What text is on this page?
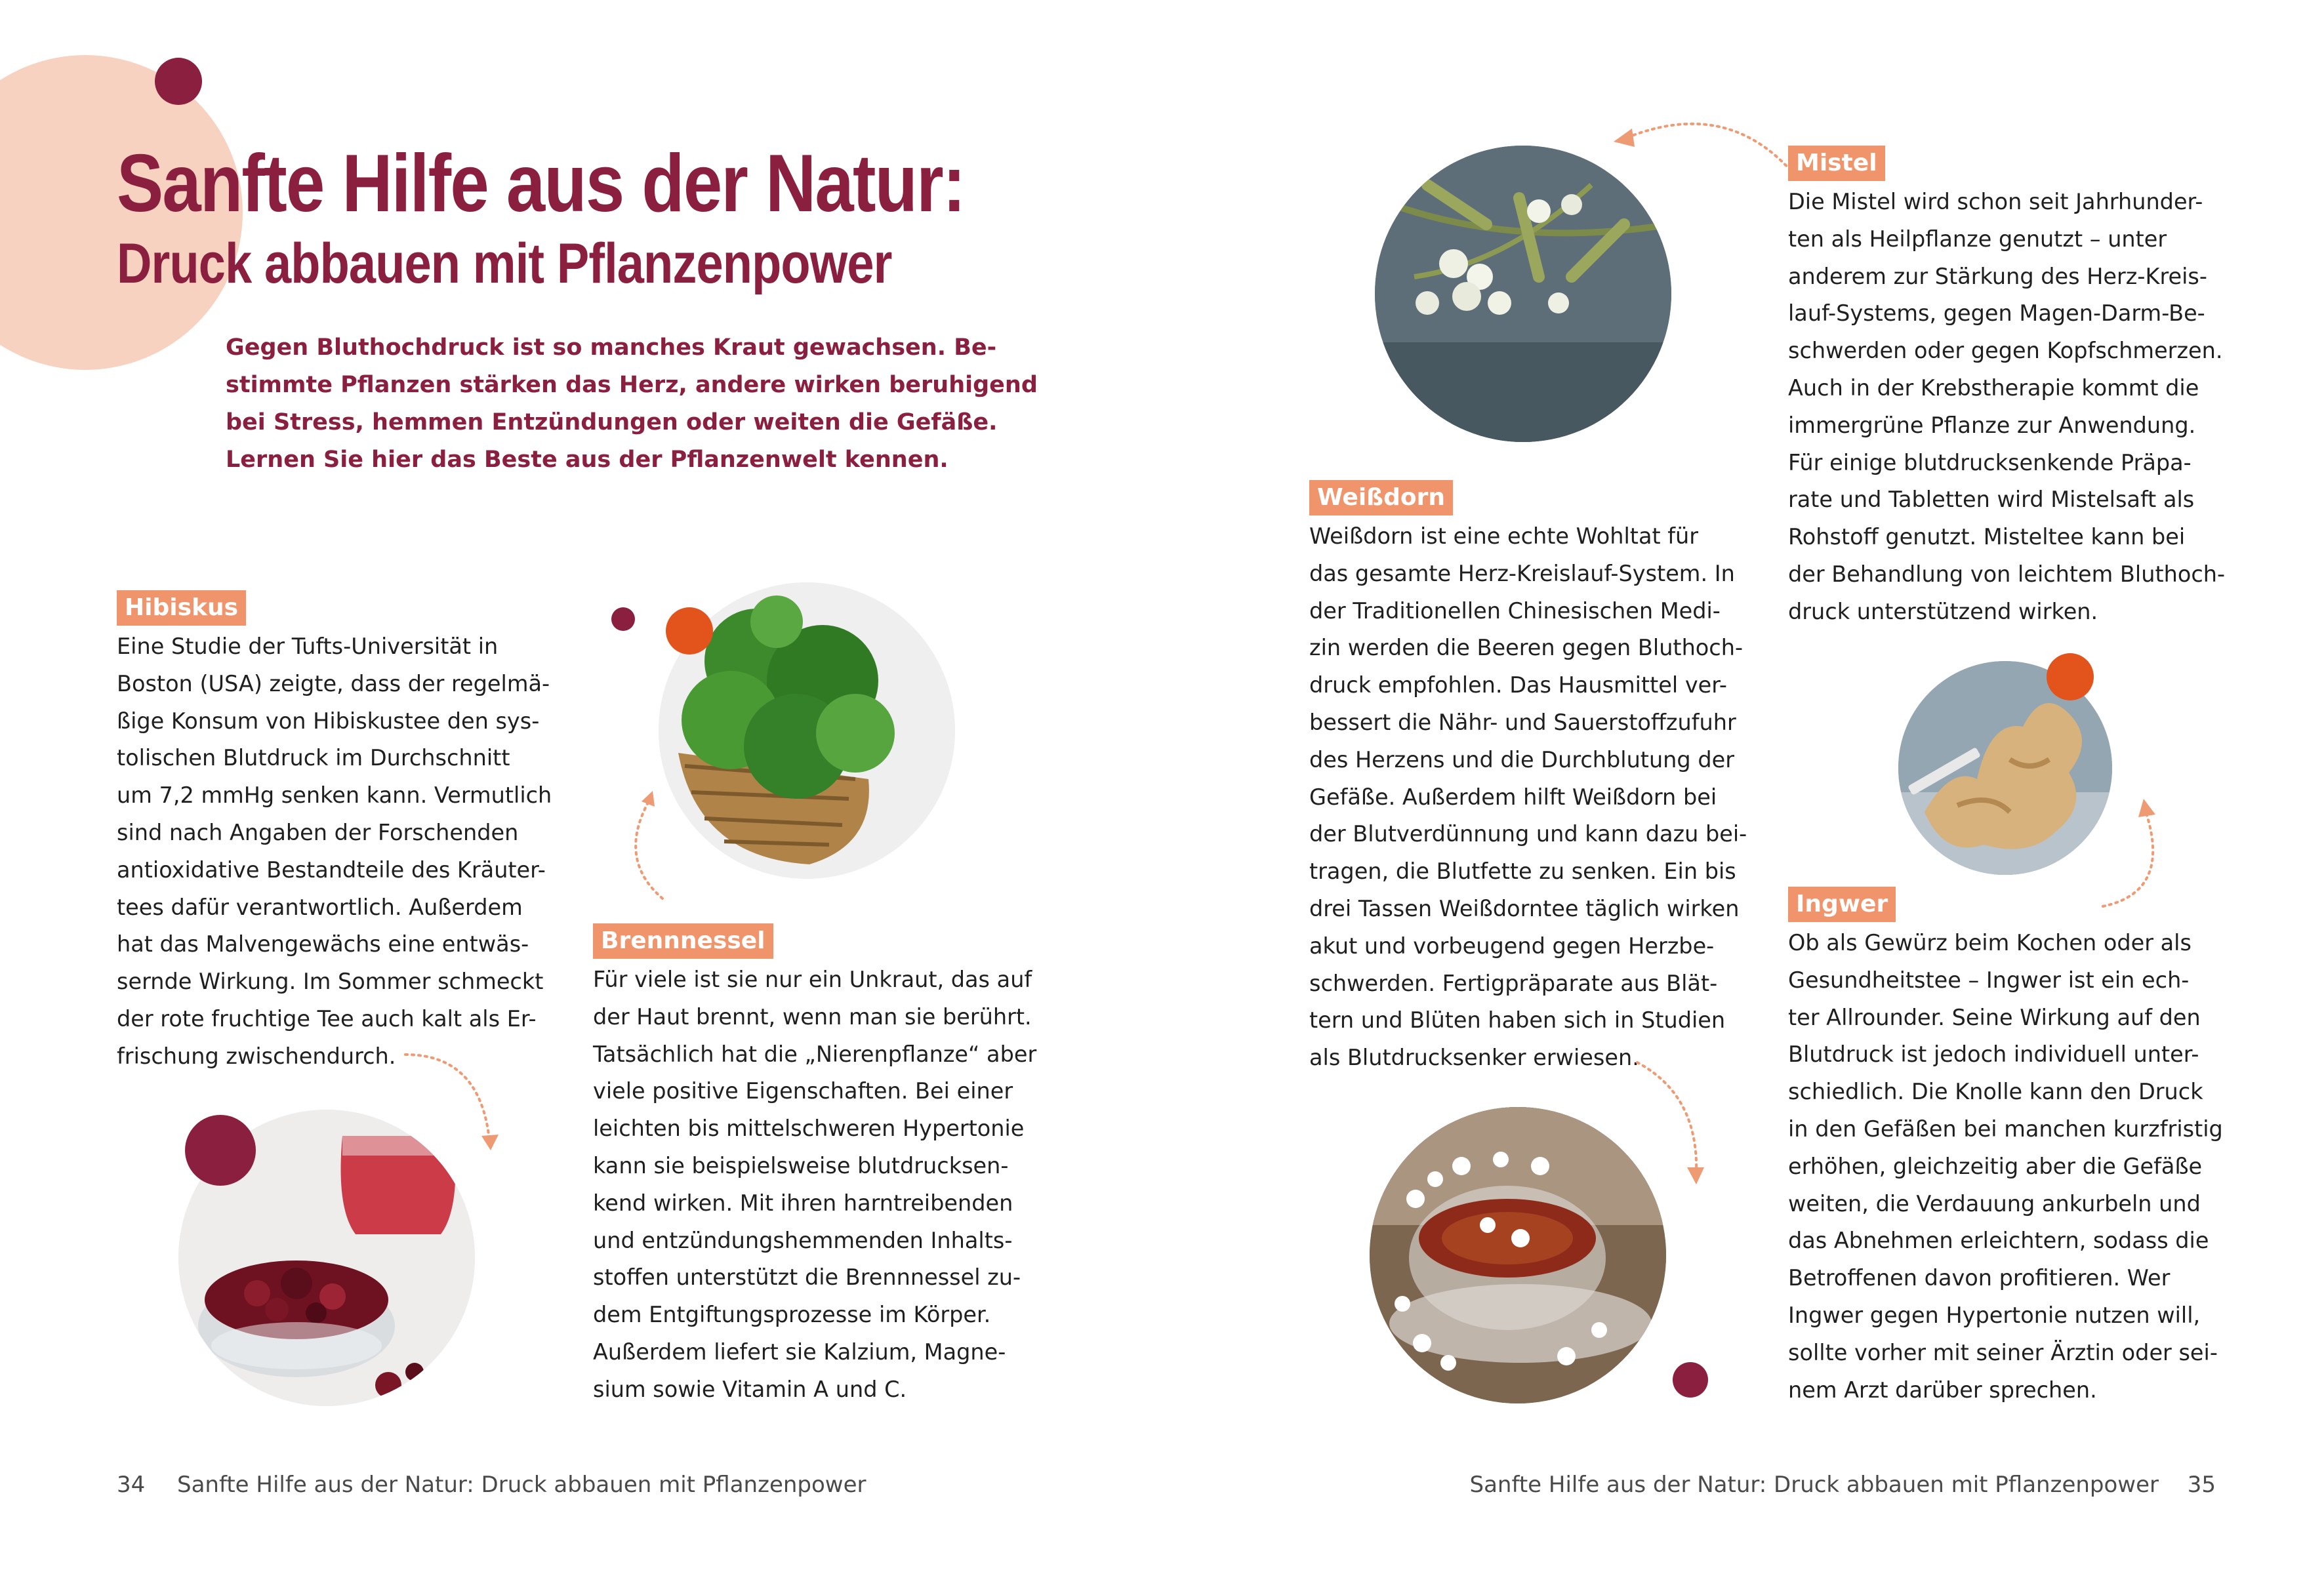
Sanfte Hilfe aus der Natur:
Druck abbauen mit Pflanzenpower
Gegen Bluthochdruck ist so manches Kraut gewachsen. Be-
stimmte Pflanzen stärken das Herz, andere wirken beruhigend
bei Stress, hemmen Entzündungen oder weiten die Gefäße.
Lernen Sie hier das Beste aus der Pflanzenwelt kennen.
Hibiskus
Eine Studie der Tufts-Universität in
Boston (USA) zeigte, dass der regelmä-
ßige Konsum von Hibiskustee den sys-
tolischen Blutdruck im Durchschnitt
um 7,2 mmHg senken kann. Vermutlich
sind nach Angaben der Forschenden
antioxidative Bestandteile des Kräuter-
tees dafür verantwortlich. Außerdem
hat das Malvengewächs eine entwäs-
sernde Wirkung. Im Sommer schmeckt
der rote fruchtige Tee auch kalt als Er-
frischung zwischendurch.
Brennnessel
Für viele ist sie nur ein Unkraut, das auf
der Haut brennt, wenn man sie berührt.
Tatsächlich hat die „Nierenpflanze“ aber
viele positive Eigenschaften. Bei einer
leichten bis mittelschweren Hypertonie
kann sie beispielsweise blutdrucksen-
kend wirken. Mit ihren harntreibenden
und entzündungshemmenden Inhalts-
stoffen unterstützt die Brennnessel zu-
dem Entgiftungsprozesse im Körper.
Außerdem liefert sie Kalzium, Magne-
sium sowie Vitamin A und C.
Mistel
Die Mistel wird schon seit Jahrhunder-
ten als Heilpflanze genutzt – unter
anderem zur Stärkung des Herz-Kreis-
lauf-Systems, gegen Magen-Darm-Be-
schwerden oder gegen Kopfschmerzen.
Auch in der Krebstherapie kommt die
immergrüne Pflanze zur Anwendung.
Für einige blutdrucksenkende Präpa-
rate und Tabletten wird Mistelsaft als
Rohstoff genutzt. Misteltee kann bei
der Behandlung von leichtem Bluthoch-
druck unterstützend wirken.
Weißdorn
Weißdorn ist eine echte Wohltat für
das gesamte Herz-Kreislauf-System. In
der Traditionellen Chinesischen Medi-
zin werden die Beeren gegen Bluthoch-
druck empfohlen. Das Hausmittel ver-
bessert die Nähr- und Sauerstoffzufuhr
des Herzens und die Durchblutung der
Gefäße. Außerdem hilft Weißdorn bei
der Blutverdünnung und kann dazu bei-
tragen, die Blutfette zu senken. Ein bis
drei Tassen Weißdorntee täglich wirken
akut und vorbeugend gegen Herzbe-
schwerden. Fertigpräparate aus Blät-
tern und Blüten haben sich in Studien
als Blutdrucksenker erwiesen.
Ingwer
Ob als Gewürz beim Kochen oder als
Gesundheitstee – Ingwer ist ein ech-
ter Allrounder. Seine Wirkung auf den
Blutdruck ist jedoch individuell unter-
schiedlich. Die Knolle kann den Druck
in den Gefäßen bei manchen kurzfristig
erhöhen, gleichzeitig aber die Gefäße
weiten, die Verdauung ankurbeln und
das Abnehmen erleichtern, sodass die
Betroffenen davon profitieren. Wer
Ingwer gegen Hypertonie nutzen will,
sollte vorher mit seiner Ärztin oder sei-
nem Arzt darüber sprechen.
34 Sanfte Hilfe aus der Natur: Druck abbauen mit Pflanzenpower	Sanfte Hilfe aus der Natur: Druck abbauen mit Pflanzenpower 35
